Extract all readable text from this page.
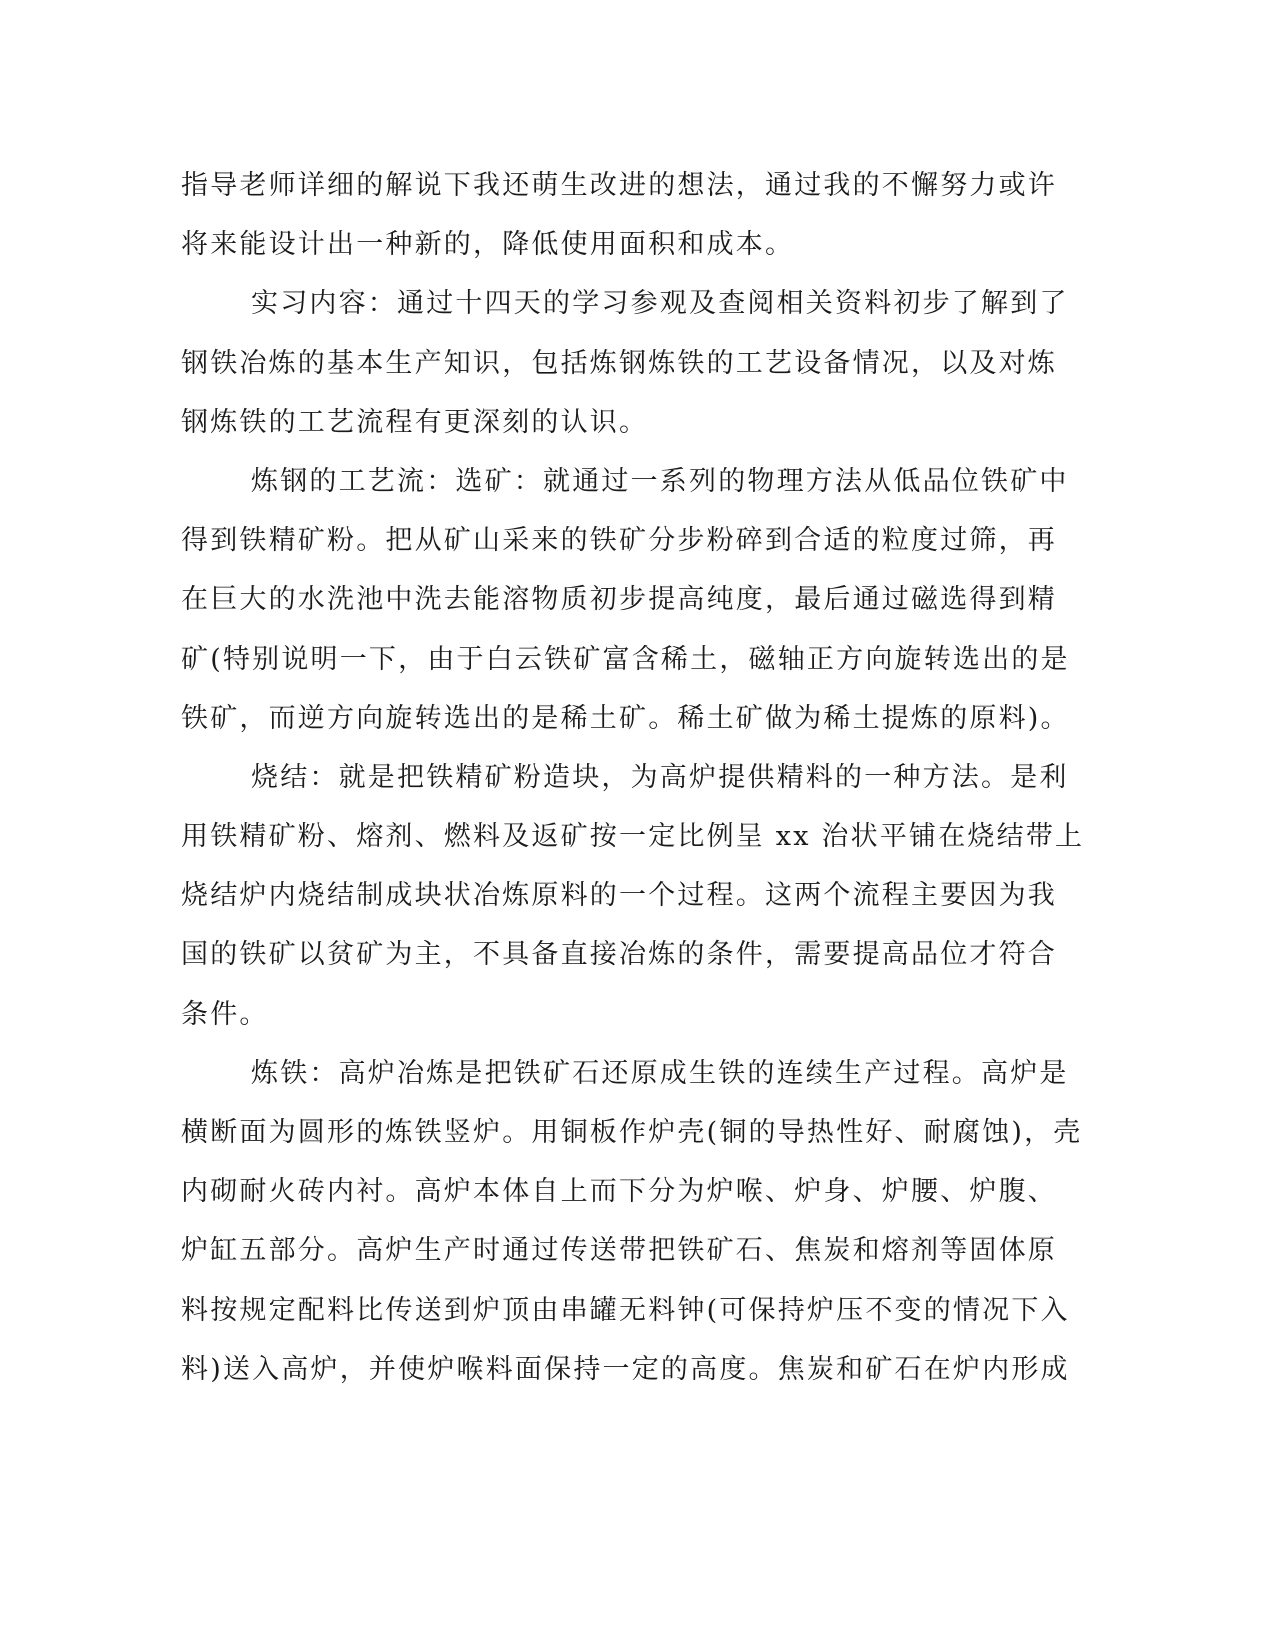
指导老师详细的解说下我还萌生改进的想法，通过我的不懈努力或许
将来能设计出一种新的，降低使用面积和成本。
实习内容：通过十四天的学习参观及查阅相关资料初步了解到了
钢铁冶炼的基本生产知识，包括炼钢炼铁的工艺设备情况，以及对炼
钢炼铁的工艺流程有更深刻的认识。
炼钢的工艺流：选矿：就通过一系列的物理方法从低品位铁矿中
得到铁精矿粉。把从矿山采来的铁矿分步粉碎到合适的粒度过筛，再
在巨大的水洗池中洗去能溶物质初步提高纯度，最后通过磁选得到精
矿(特别说明一下，由于白云铁矿富含稀土，磁轴正方向旋转选出的是
铁矿，而逆方向旋转选出的是稀土矿。稀土矿做为稀土提炼的原料)。
烧结：就是把铁精矿粉造块，为高炉提供精料的一种方法。是利
用铁精矿粉、熔剂、燃料及返矿按一定比例呈 xx 治状平铺在烧结带上
烧结炉内烧结制成块状冶炼原料的一个过程。这两个流程主要因为我
国的铁矿以贫矿为主，不具备直接冶炼的条件，需要提高品位才符合
条件。
炼铁：高炉冶炼是把铁矿石还原成生铁的连续生产过程。高炉是
横断面为圆形的炼铁竖炉。用铜板作炉壳(铜的导热性好、耐腐蚀)，壳
内砌耐火砖内衬。高炉本体自上而下分为炉喉、炉身、炉腰、炉腹、
炉缸五部分。高炉生产时通过传送带把铁矿石、焦炭和熔剂等固体原
料按规定配料比传送到炉顶由串罐无料钟(可保持炉压不变的情况下入
料)送入高炉，并使炉喉料面保持一定的高度。焦炭和矿石在炉内形成
